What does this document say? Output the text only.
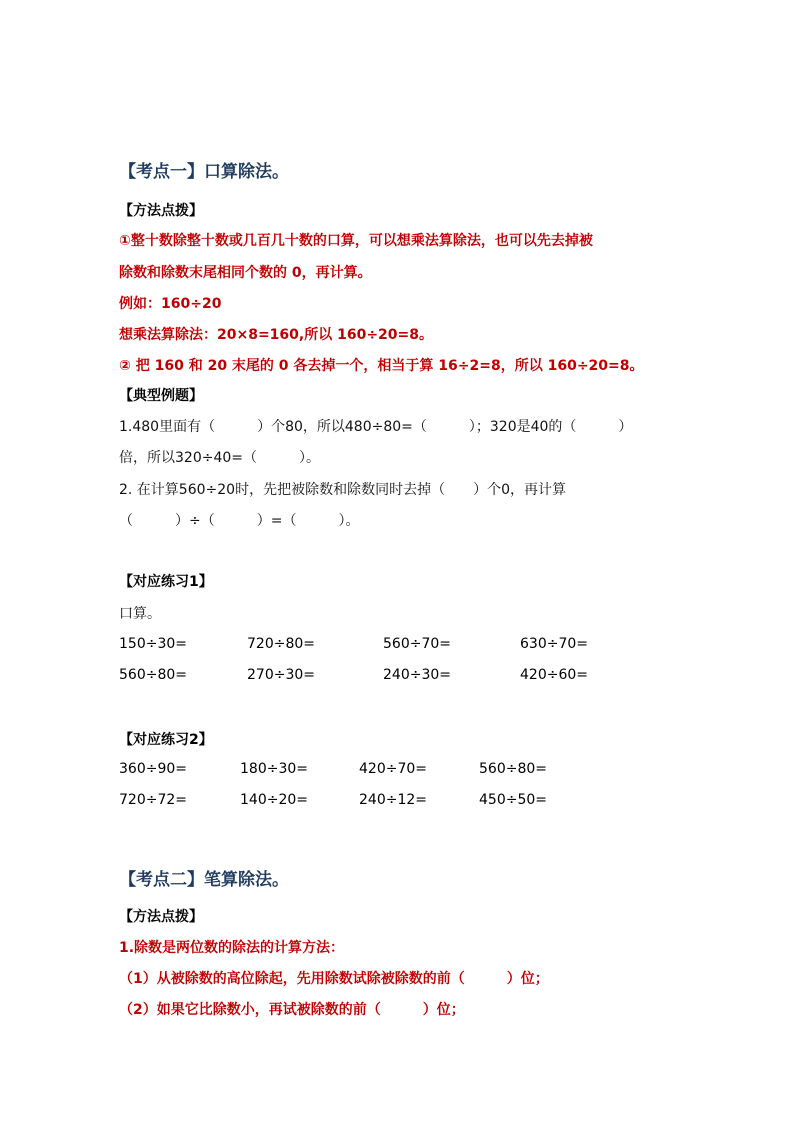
【考点一】口算除法。
【方法点拨】
①整十数除整十数或几百几十数的口算，可以想乘法算除法，也可以先去掉被
除数和除数末尾相同个数的 0，再计算。
例如：160÷20
想乘法算除法：20×8=160,所以 160÷20=8。
② 把 160 和 20 末尾的 0 各去掉一个，相当于算 16÷2=8，所以 160÷20=8。
【典型例题】
1.480里面有（　　　）个80，所以480÷80=（　　　）；320是40的（　　　）
倍，所以320÷40=（　　　）。
2. 在计算560÷20时，先把被除数和除数同时去掉（　　）个0，再计算
（　　　）÷（　　　）=（　　　）。
【对应练习1】
口算。
150÷30=	720÷80=	560÷70=	630÷70=
560÷80=	270÷30=	240÷30=	420÷60=
【对应练习2】
360÷90=	180÷30=	420÷70=	560÷80=
720÷72=	140÷20=	240÷12=	450÷50=
【考点二】笔算除法。
【方法点拨】
1.除数是两位数的除法的计算方法：
（1）从被除数的高位除起，先用除数试除被除数的前（　　　）位；
（2）如果它比除数小，再试被除数的前（　　　）位；
